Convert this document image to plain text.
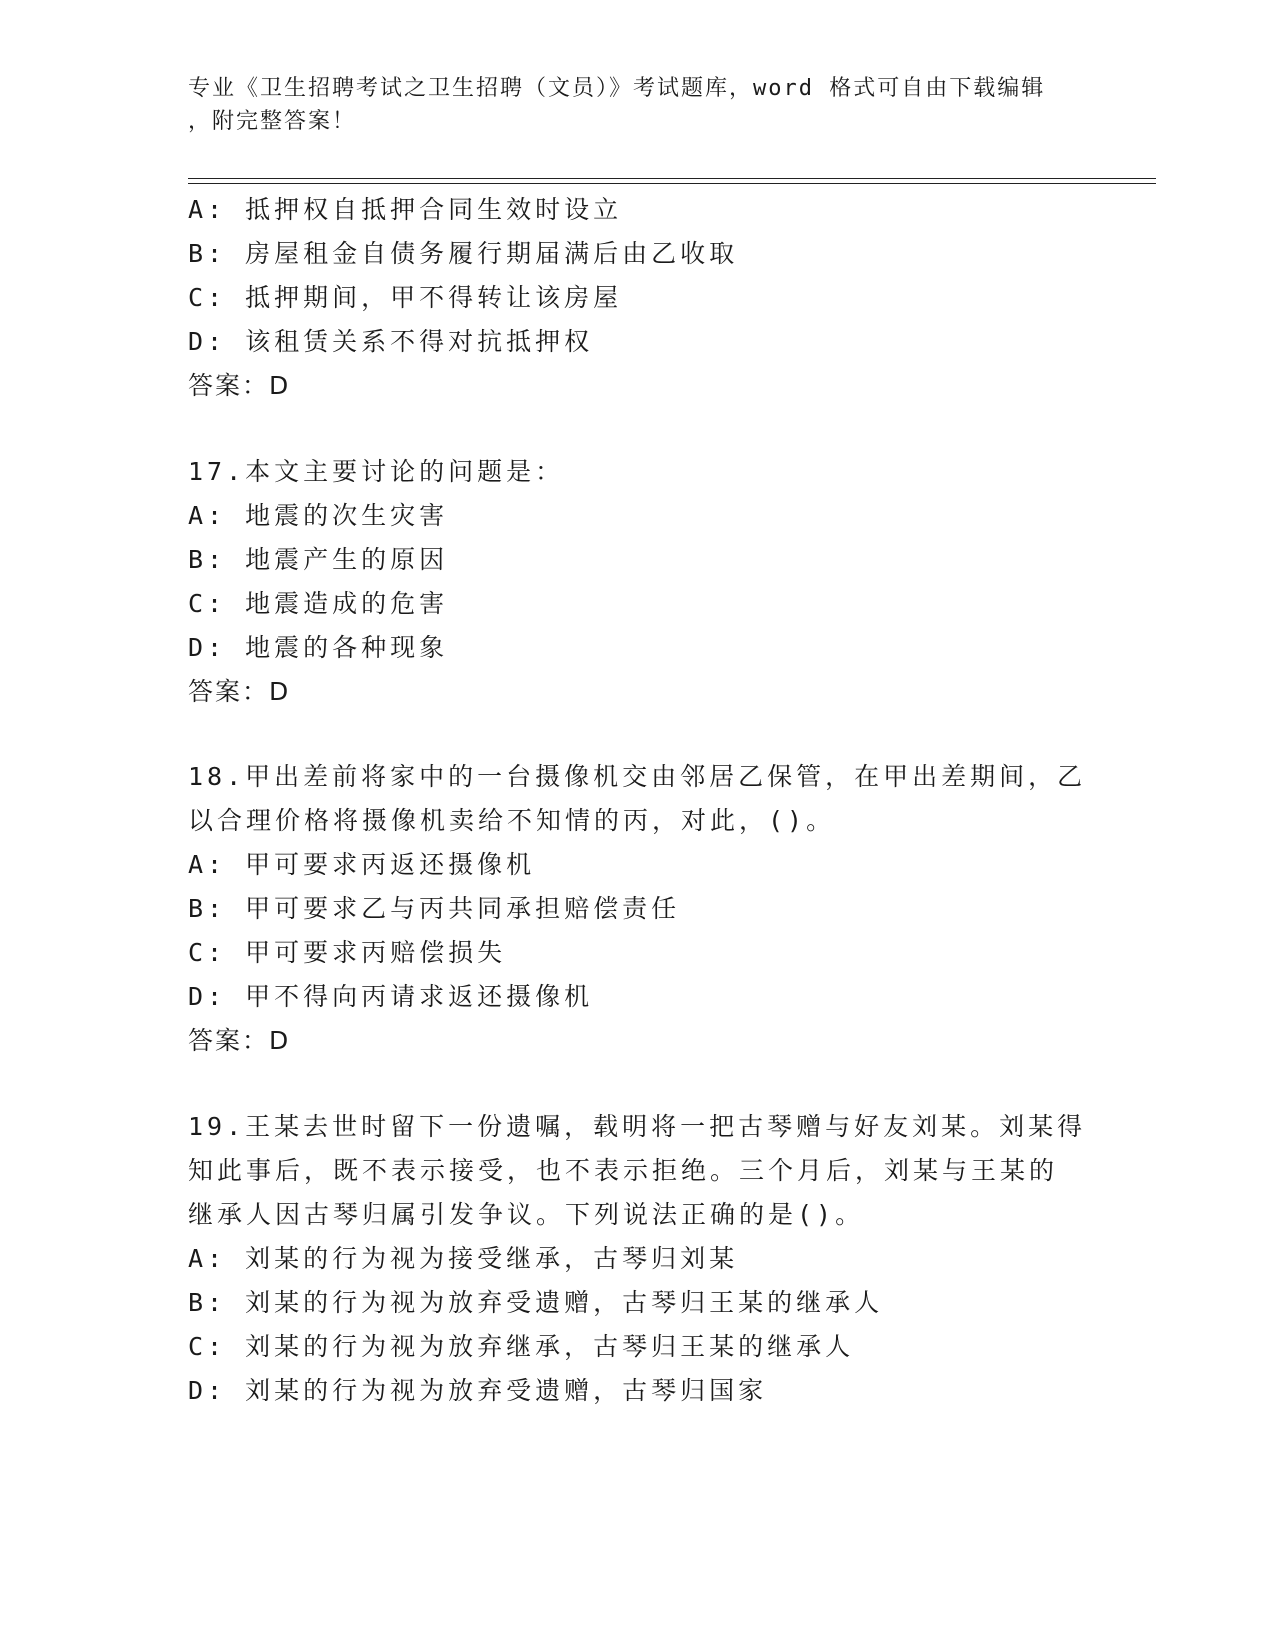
专业《卫生招聘考试之卫生招聘（文员）》考试题库，word 格式可自由下载编辑
，附完整答案！
A: 抵押权自抵押合同生效时设立
B: 房屋租金自债务履行期届满后由乙收取
C: 抵押期间，甲不得转让该房屋
D: 该租赁关系不得对抗抵押权
答案：D
17.本文主要讨论的问题是：
A: 地震的次生灾害
B: 地震产生的原因
C: 地震造成的危害
D: 地震的各种现象
答案：D
18.甲出差前将家中的一台摄像机交由邻居乙保管，在甲出差期间，乙
以合理价格将摄像机卖给不知情的丙，对此，()。
A: 甲可要求丙返还摄像机
B: 甲可要求乙与丙共同承担赔偿责任
C: 甲可要求丙赔偿损失
D: 甲不得向丙请求返还摄像机
答案：D
19.王某去世时留下一份遗嘱，载明将一把古琴赠与好友刘某。刘某得
知此事后，既不表示接受，也不表示拒绝。三个月后，刘某与王某的
继承人因古琴归属引发争议。下列说法正确的是()。
A: 刘某的行为视为接受继承，古琴归刘某
B: 刘某的行为视为放弃受遗赠，古琴归王某的继承人
C: 刘某的行为视为放弃继承，古琴归王某的继承人
D: 刘某的行为视为放弃受遗赠，古琴归国家
